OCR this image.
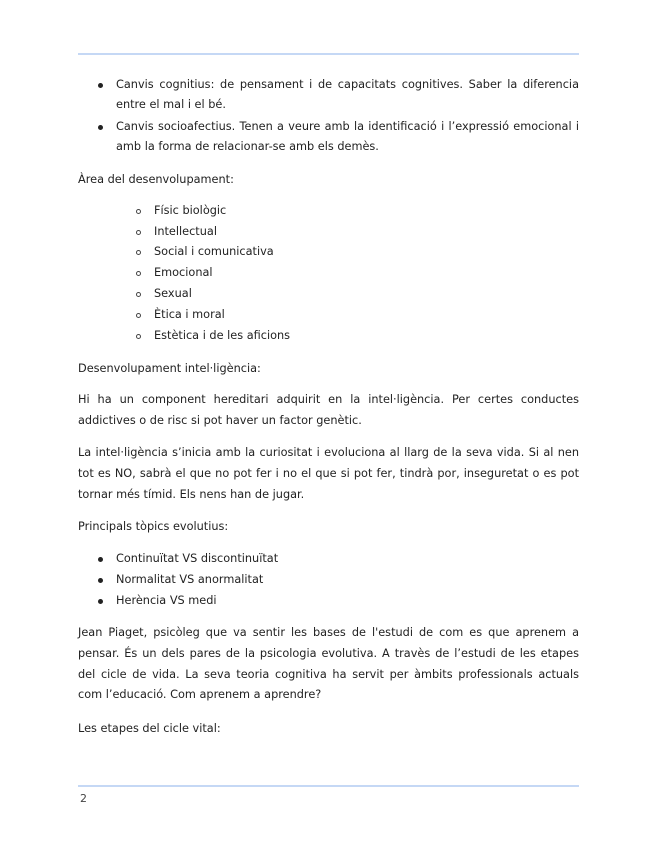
Canvis cognitius: de pensament i de capacitats cognitives. Saber la diferencia entre el mal i el bé.
Canvis socioafectius. Tenen a veure amb la identificació i l’expressió emocional i amb la forma de relacionar-se amb els demès.
Àrea del desenvolupament:
Físic biològic
Intellectual
Social i comunicativa
Emocional
Sexual
Ètica i moral
Estètica i de les aficions
Desenvolupament intel·ligència:
Hi ha un component hereditari adquirit en la intel·ligència. Per certes conductes addictives o de risc si pot haver un factor genètic.
La intel·ligència s’inicia amb la curiositat i evoluciona al llarg de la seva vida. Si al nen tot es NO, sabrà el que no pot fer i no el que si pot fer, tindrà por, inseguretat o es pot tornar més tímid. Els nens han de jugar.
Principals tòpics evolutius:
Continuïtat VS discontinuïtat
Normalitat VS anormalitat
Herència VS medi
Jean Piaget, psicòleg que va sentir les bases de l'estudi de com es que aprenem a pensar. És un dels pares de la psicologia evolutiva. A travès de l’estudi de les etapes del cicle de vida. La seva teoria cognitiva ha servit per àmbits professionals actuals com l’educació. Com aprenem a aprendre?
Les etapes del cicle vital:
2
